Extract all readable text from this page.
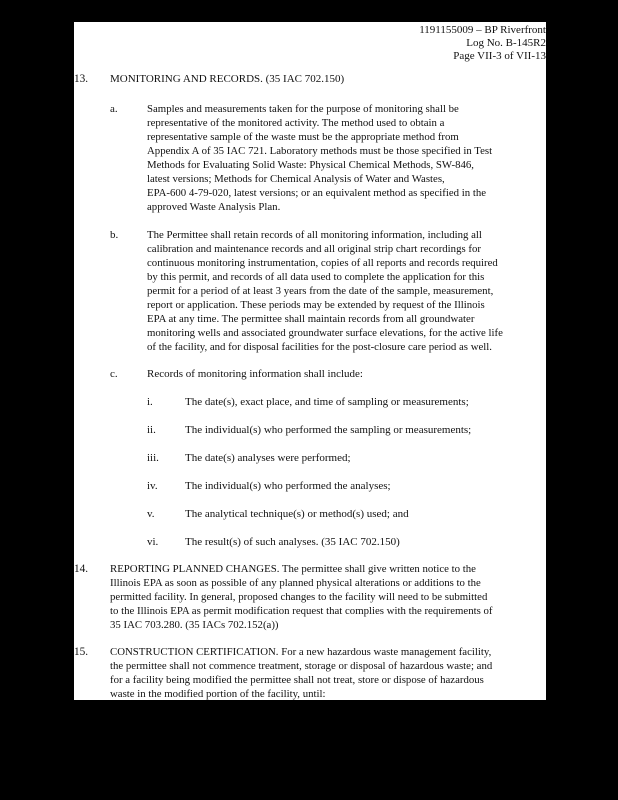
1191155009 – BP Riverfront
Log No. B-145R2
Page VII-3 of VII-13
13. MONITORING AND RECORDS. (35 IAC 702.150)
a.	Samples and measurements taken for the purpose of monitoring shall be
representative of the monitored activity. The method used to obtain a
representative sample of the waste must be the appropriate method from
Appendix A of 35 IAC 721. Laboratory methods must be those specified in Test
Methods for Evaluating Solid Waste: Physical Chemical Methods, SW-846,
latest versions; Methods for Chemical Analysis of Water and Wastes,
EPA-600 4-79-020, latest versions; or an equivalent method as specified in the
approved Waste Analysis Plan.
b.	The Permittee shall retain records of all monitoring information, including all
calibration and maintenance records and all original strip chart recordings for
continuous monitoring instrumentation, copies of all reports and records required
by this permit, and records of all data used to complete the application for this
permit for a period of at least 3 years from the date of the sample, measurement,
report or application. These periods may be extended by request of the Illinois
EPA at any time. The permittee shall maintain records from all groundwater
monitoring wells and associated groundwater surface elevations, for the active life
of the facility, and for disposal facilities for the post-closure care period as well.
c.	Records of monitoring information shall include:
i.	The date(s), exact place, and time of sampling or measurements;
ii.	The individual(s) who performed the sampling or measurements;
iii. The date(s) analyses were performed;
iv. The individual(s) who performed the analyses;
v.	The analytical technique(s) or method(s) used; and
vi. The result(s) of such analyses. (35 IAC 702.150)
14. REPORTING PLANNED CHANGES. The permittee shall give written notice to the
Illinois EPA as soon as possible of any planned physical alterations or additions to the
permitted facility. In general, proposed changes to the facility will need to be submitted
to the Illinois EPA as permit modification request that complies with the requirements of
35 IAC 703.280. (35 IACs 702.152(a))
15. CONSTRUCTION CERTIFICATION. For a new hazardous waste management facility,
the permittee shall not commence treatment, storage or disposal of hazardous waste; and
for a facility being modified the permittee shall not treat, store or dispose of hazardous
waste in the modified portion of the facility, until:
